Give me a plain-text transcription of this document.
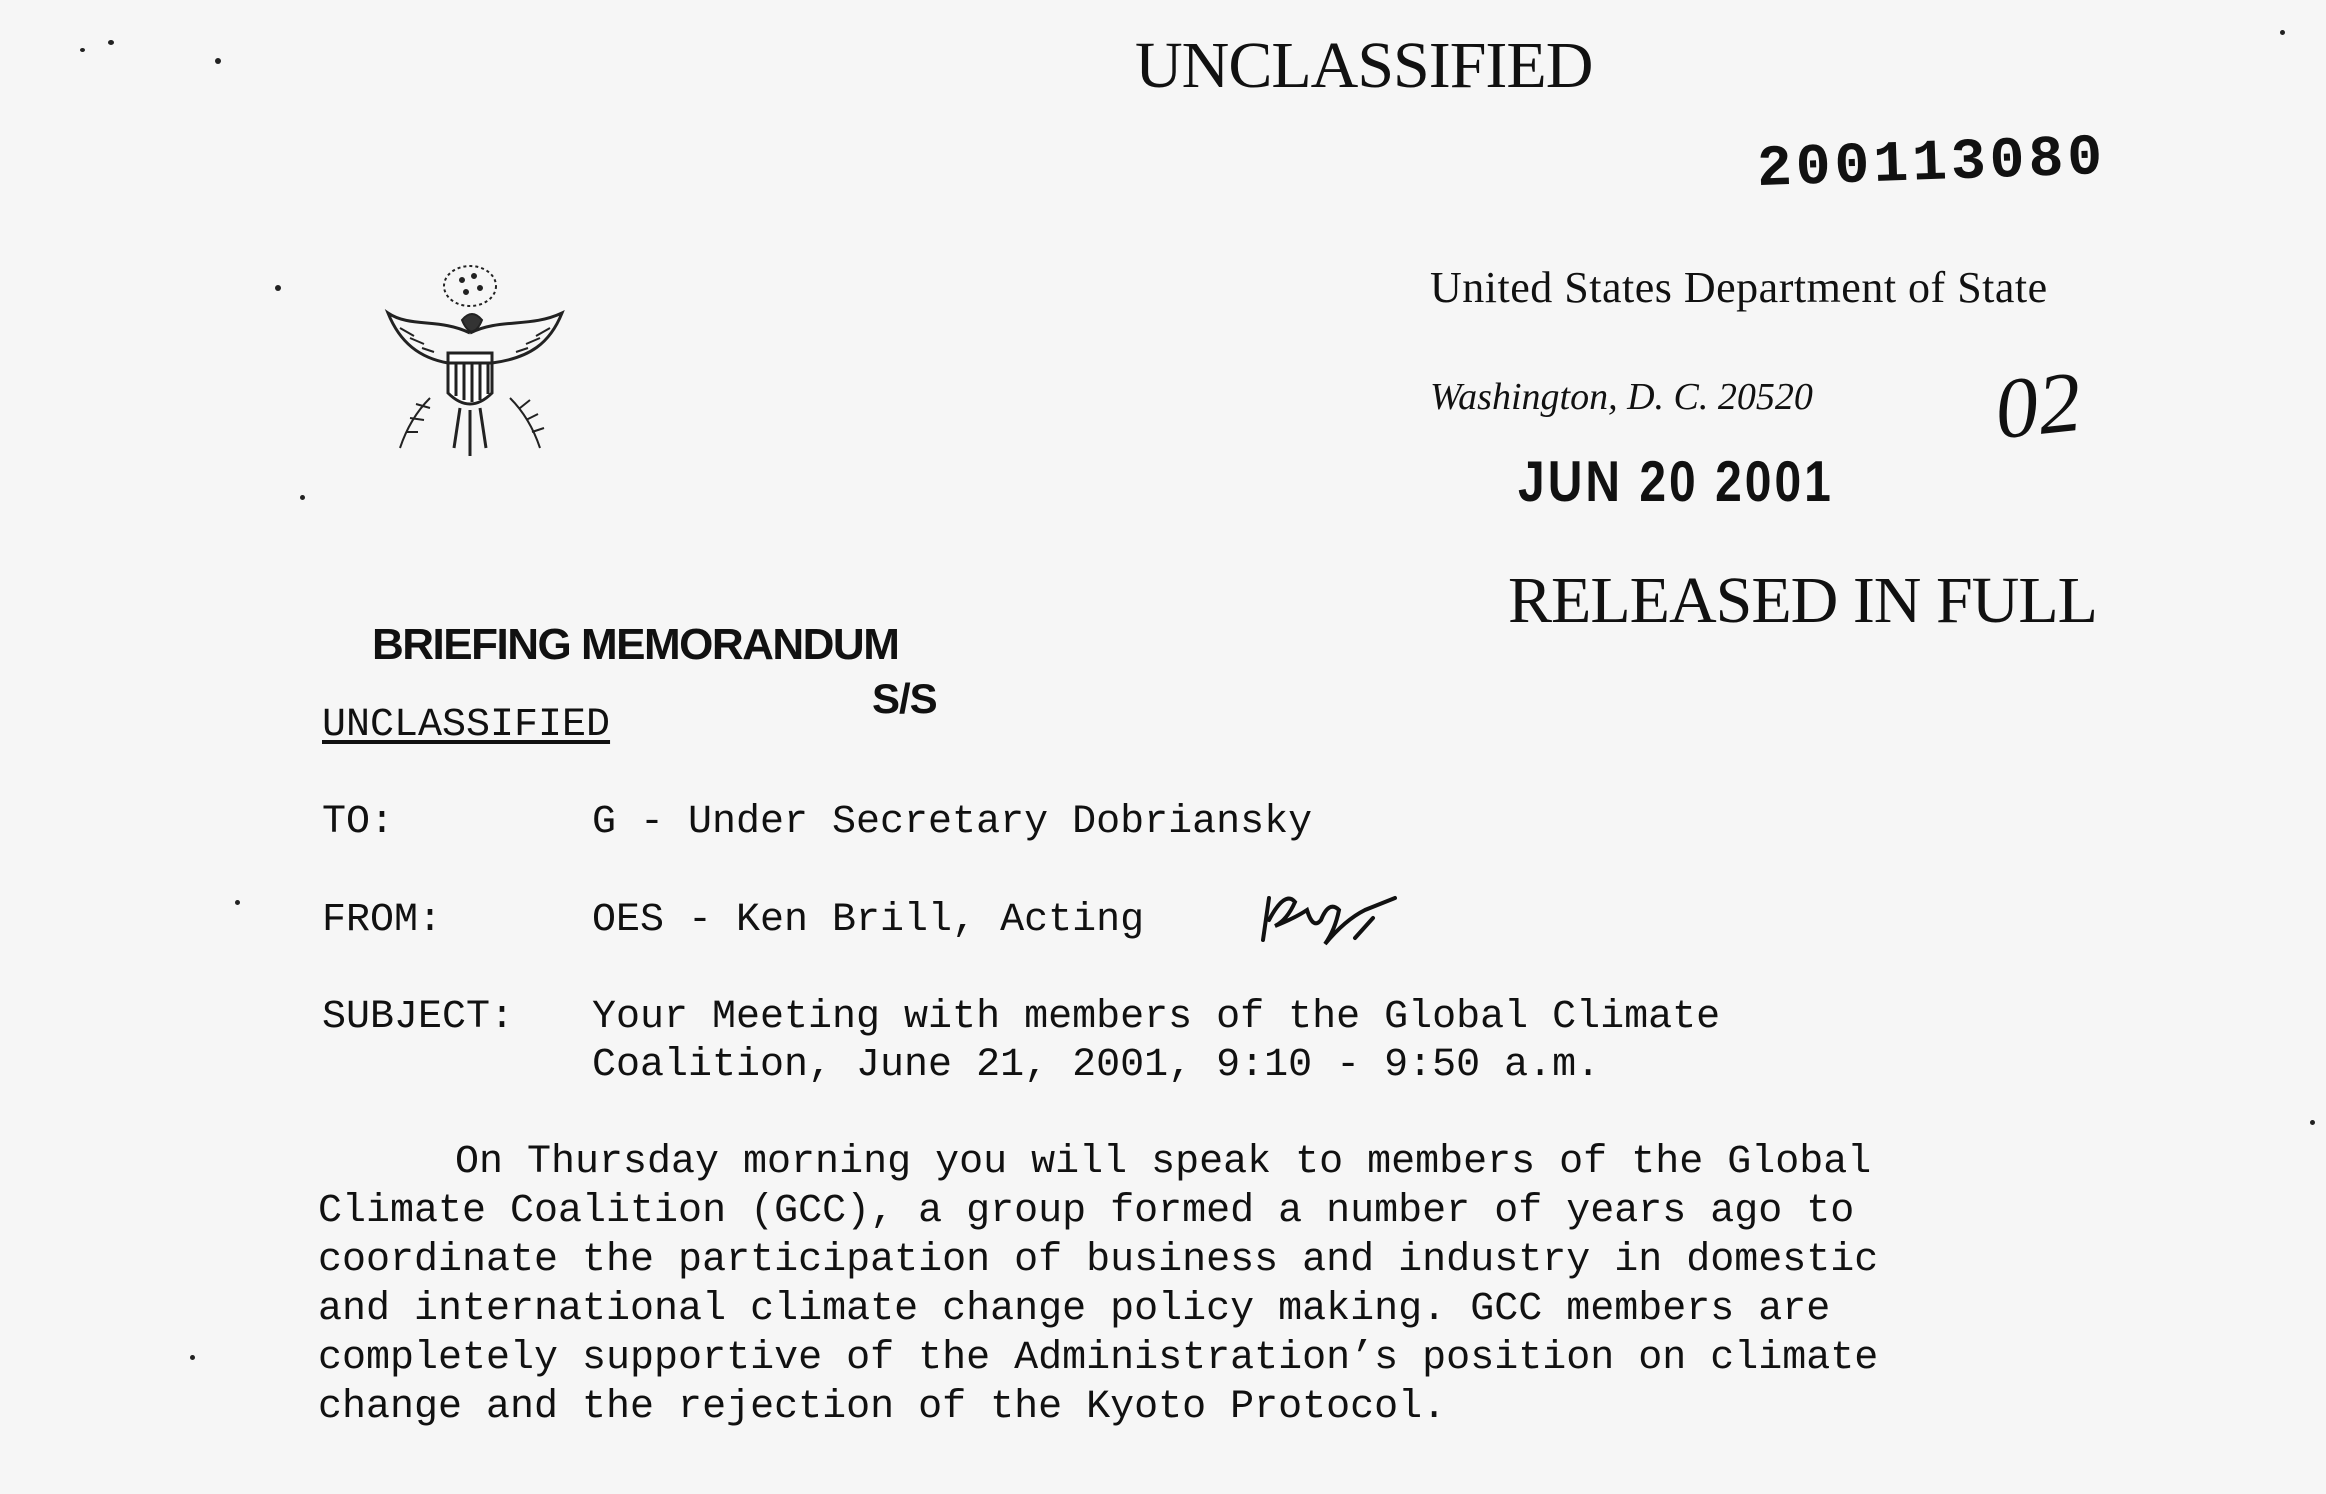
UNCLASSIFIED
200113080
United States Department of State
Washington, D. C. 20520 02
JUN 20 2001
RELEASED IN FULL
BRIEFING MEMORANDUM
S/S
UNCLASSIFIED
TO:	G - Under Secretary Dobriansky
FROM:	OES - Ken Brill, Acting
SUBJECT: Your Meeting with members of the Global Climate
Coalition, June 21, 2001, 9:10 - 9:50 a.m.
On Thursday morning you will speak to members of the Global
Climate Coalition (GCC), a group formed a number of years ago to
coordinate the participation of business and industry in domestic
and international climate change policy making. GCC members are
completely supportive of the Administration’s position on climate
change and the rejection of the Kyoto Protocol.
